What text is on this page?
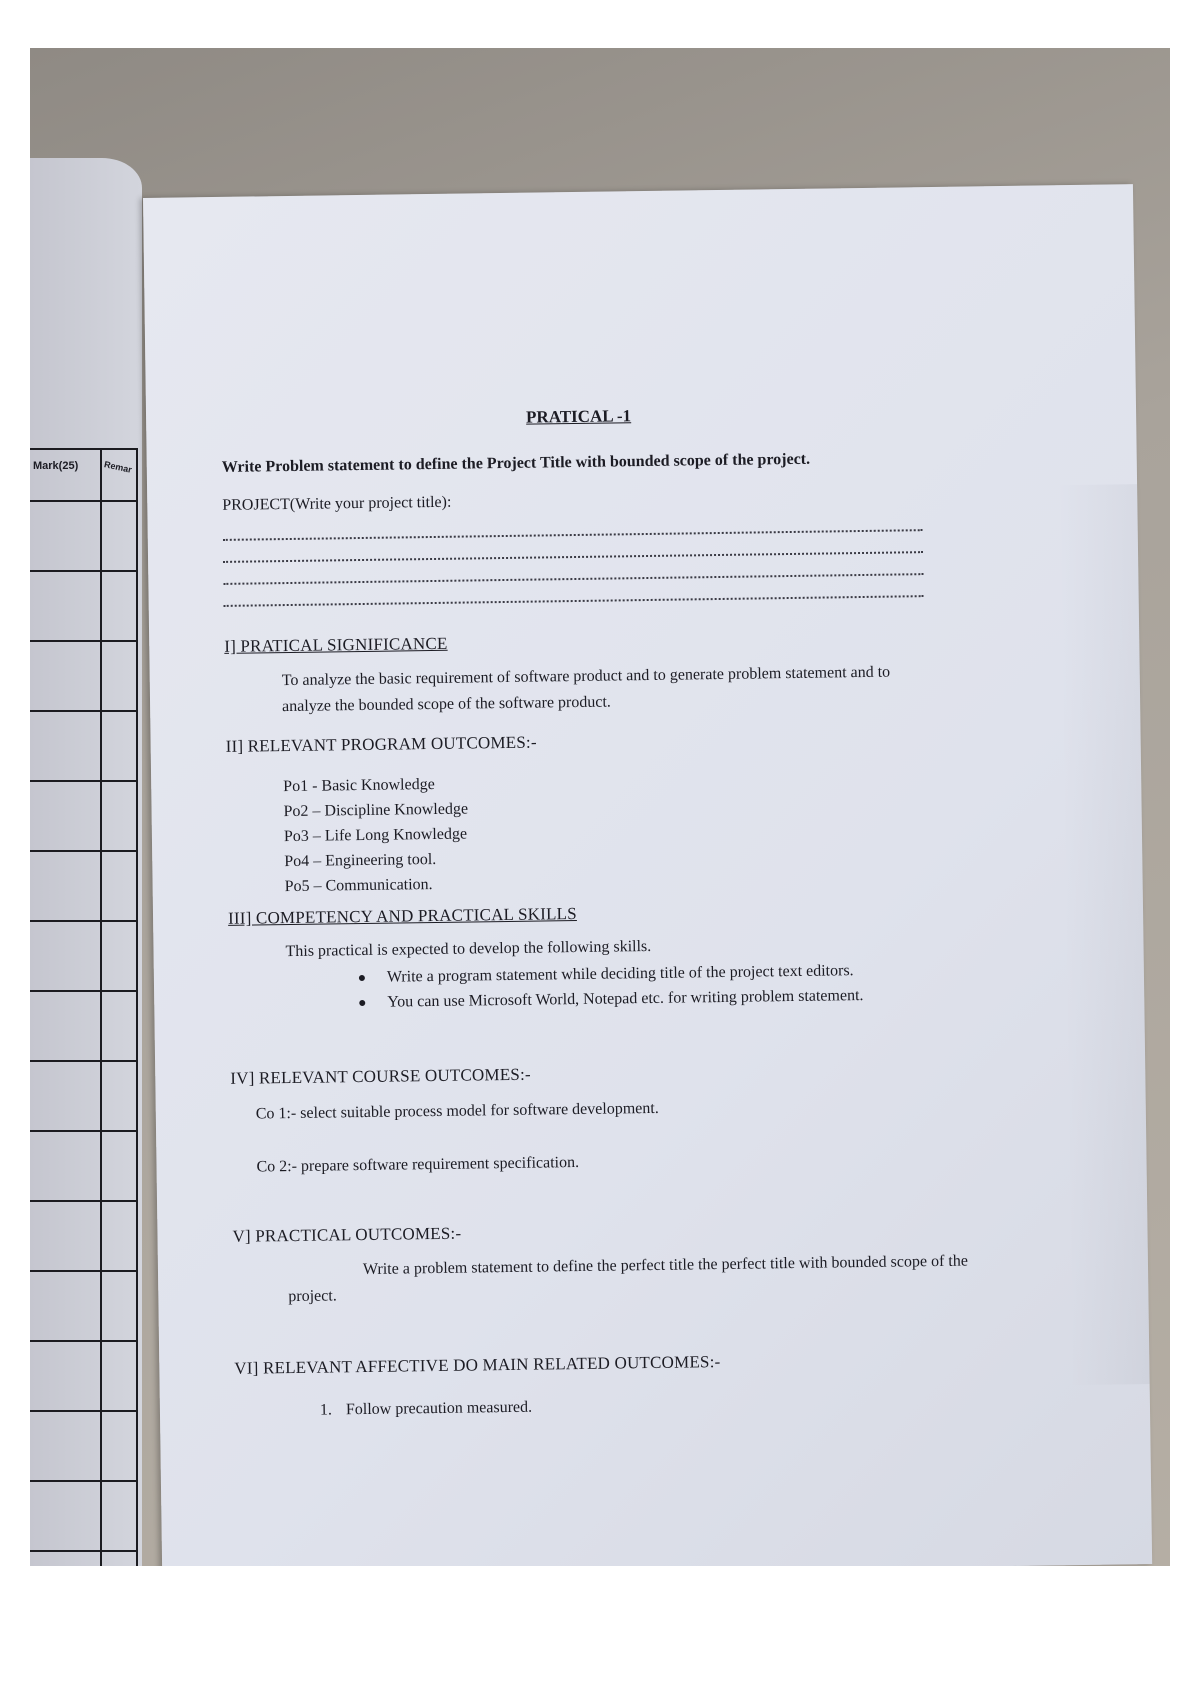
Mark(25)	Remar
PRATICAL -1
Write Problem statement to define the Project Title with bounded scope of the project.
PROJECT(Write your project title):
I] PRATICAL SIGNIFICANCE
To analyze the basic requirement of software product and to generate problem statement and to analyze the bounded scope of the software product.
II] RELEVANT PROGRAM OUTCOMES:-
Po1 - Basic Knowledge
Po2 – Discipline Knowledge
Po3 – Life Long Knowledge
Po4 – Engineering tool.
Po5 – Communication.
III] COMPETENCY AND PRACTICAL SKILLS
This practical is expected to develop the following skills.
Write a program statement while deciding title of the project text editors.
You can use Microsoft World, Notepad etc. for writing problem statement.
IV] RELEVANT COURSE OUTCOMES:-
Co 1:- select suitable process model for software development.
Co 2:- prepare software requirement specification.
V] PRACTICAL OUTCOMES:-
Write a problem statement to define the perfect title the perfect title with bounded scope of the project.
VI] RELEVANT AFFECTIVE DO MAIN RELATED OUTCOMES:-
1. Follow precaution measured.
